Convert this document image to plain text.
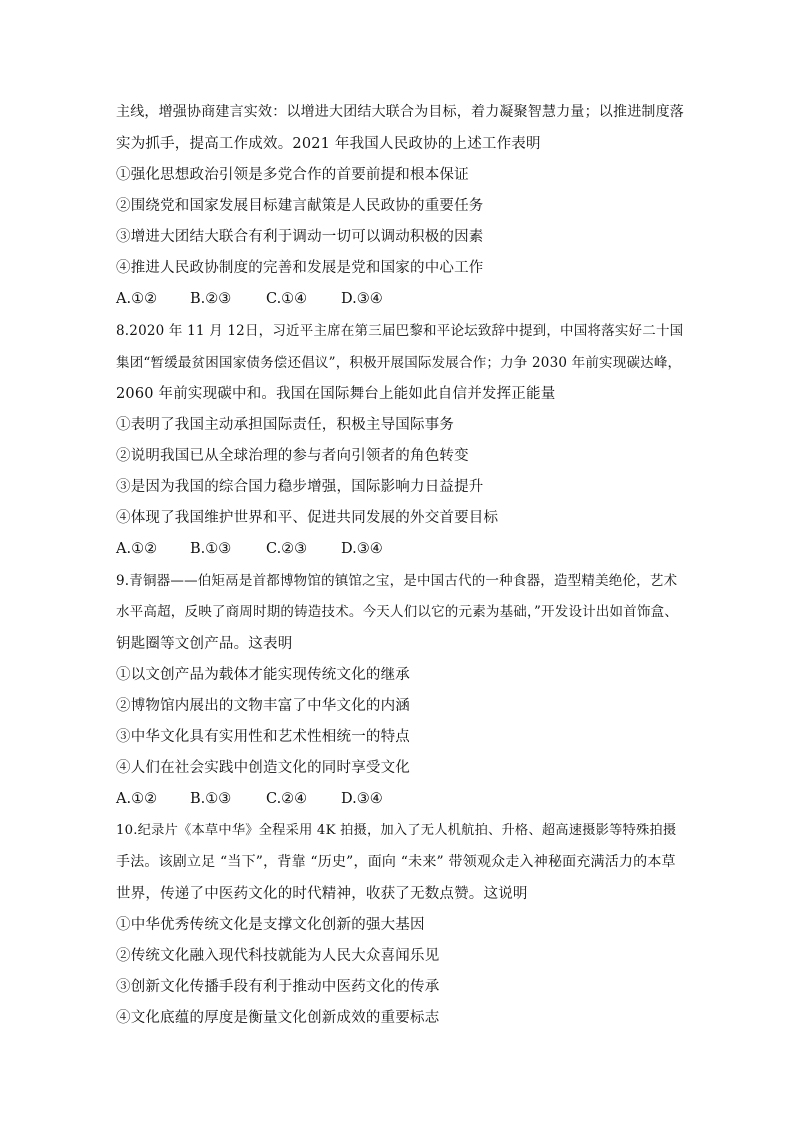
主线，增强协商建言实效：以增进大团结大联合为目标，着力凝聚智慧力量；以推进制度落
实为抓手，提高工作成效。2021 年我国人民政协的上述工作表明
①强化思想政治引领是多党合作的首要前提和根本保证
②围绕党和国家发展目标建言献策是人民政协的重要任务
③增进大团结大联合有利于调动一切可以调动积极的因素
④推进人民政协制度的完善和发展是党和国家的中心工作
A.①② B.②③ C.①④ D.③④
8.2020 年 11 月 12日，习近平主席在第三届巴黎和平论坛致辞中提到，中国将落实好二十国
集团“暂缓最贫困国家债务偿还倡议”，积极开展国际发展合作；力争 2030 年前实现碳达峰，
2060 年前实现碳中和。我国在国际舞台上能如此自信并发挥正能量
①表明了我国主动承担国际责任，积极主导国际事务
②说明我国已从全球治理的参与者向引领者的角色转变
③是因为我国的综合国力稳步增强，国际影响力日益提升
④体现了我国维护世界和平、促进共同发展的外交首要目标
A.①② B.①③ C.②③ D.③④
9.青铜器——伯矩鬲是首都博物馆的镇馆之宝，是中国古代的一种食器，造型精美绝伦，艺术
水平高超，反映了商周时期的铸造技术。今天人们以它的元素为基础，”开发设计出如首饰盒、
钥匙圈等文创产品。这表明
①以文创产品为载体才能实现传统文化的继承
②博物馆内展出的文物丰富了中华文化的内涵
③中华文化具有实用性和艺术性相统一的特点
④人们在社会实践中创造文化的同时享受文化
A.①② B.①③ C.②④ D.③④
10.纪录片《本草中华》全程采用 4K 拍摄，加入了无人机航拍、升格、超高速摄影等特殊拍摄
手法。该剧立足 “当下”，背靠 “历史”，面向 “未来” 带领观众走入神秘面充满活力的本草
世界，传递了中医药文化的时代精神，收获了无数点赞。这说明
①中华优秀传统文化是支撑文化创新的强大基因
②传统文化融入现代科技就能为人民大众喜闻乐见
③创新文化传播手段有利于推动中医药文化的传承
④文化底蕴的厚度是衡量文化创新成效的重要标志
